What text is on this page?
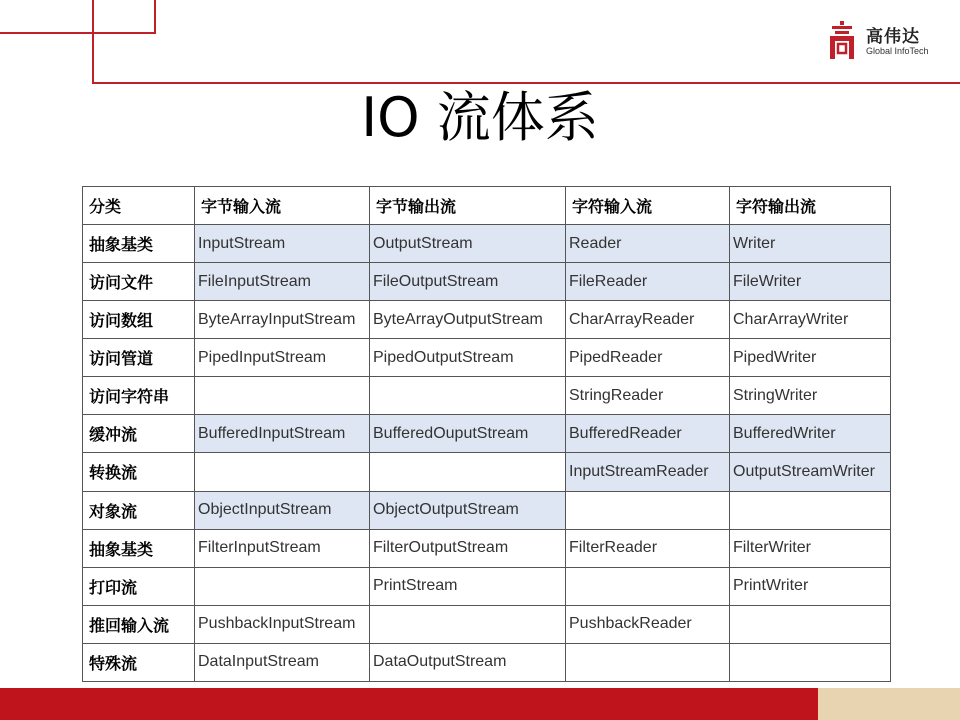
高伟达
Global InfoTech
IO 流体系
分类	字节输入流	字节输出流	字符输入流	字符输出流
抽象基类	InputStream	OutputStream	Reader	Writer
访问文件	FileInputStream	FileOutputStream	FileReader	FileWriter
访问数组	ByteArrayInputStream	ByteArrayOutputStream	CharArrayReader	CharArrayWriter
访问管道	PipedInputStream	PipedOutputStream	PipedReader	PipedWriter
访问字符串			StringReader	StringWriter
缓冲流	BufferedInputStream	BufferedOuputStream	BufferedReader	BufferedWriter
转换流			InputStreamReader	OutputStreamWriter
对象流	ObjectInputStream	ObjectOutputStream		
抽象基类	FilterInputStream	FilterOutputStream	FilterReader	FilterWriter
打印流		PrintStream		PrintWriter
推回输入流	PushbackInputStream		PushbackReader	
特殊流	DataInputStream	DataOutputStream		
